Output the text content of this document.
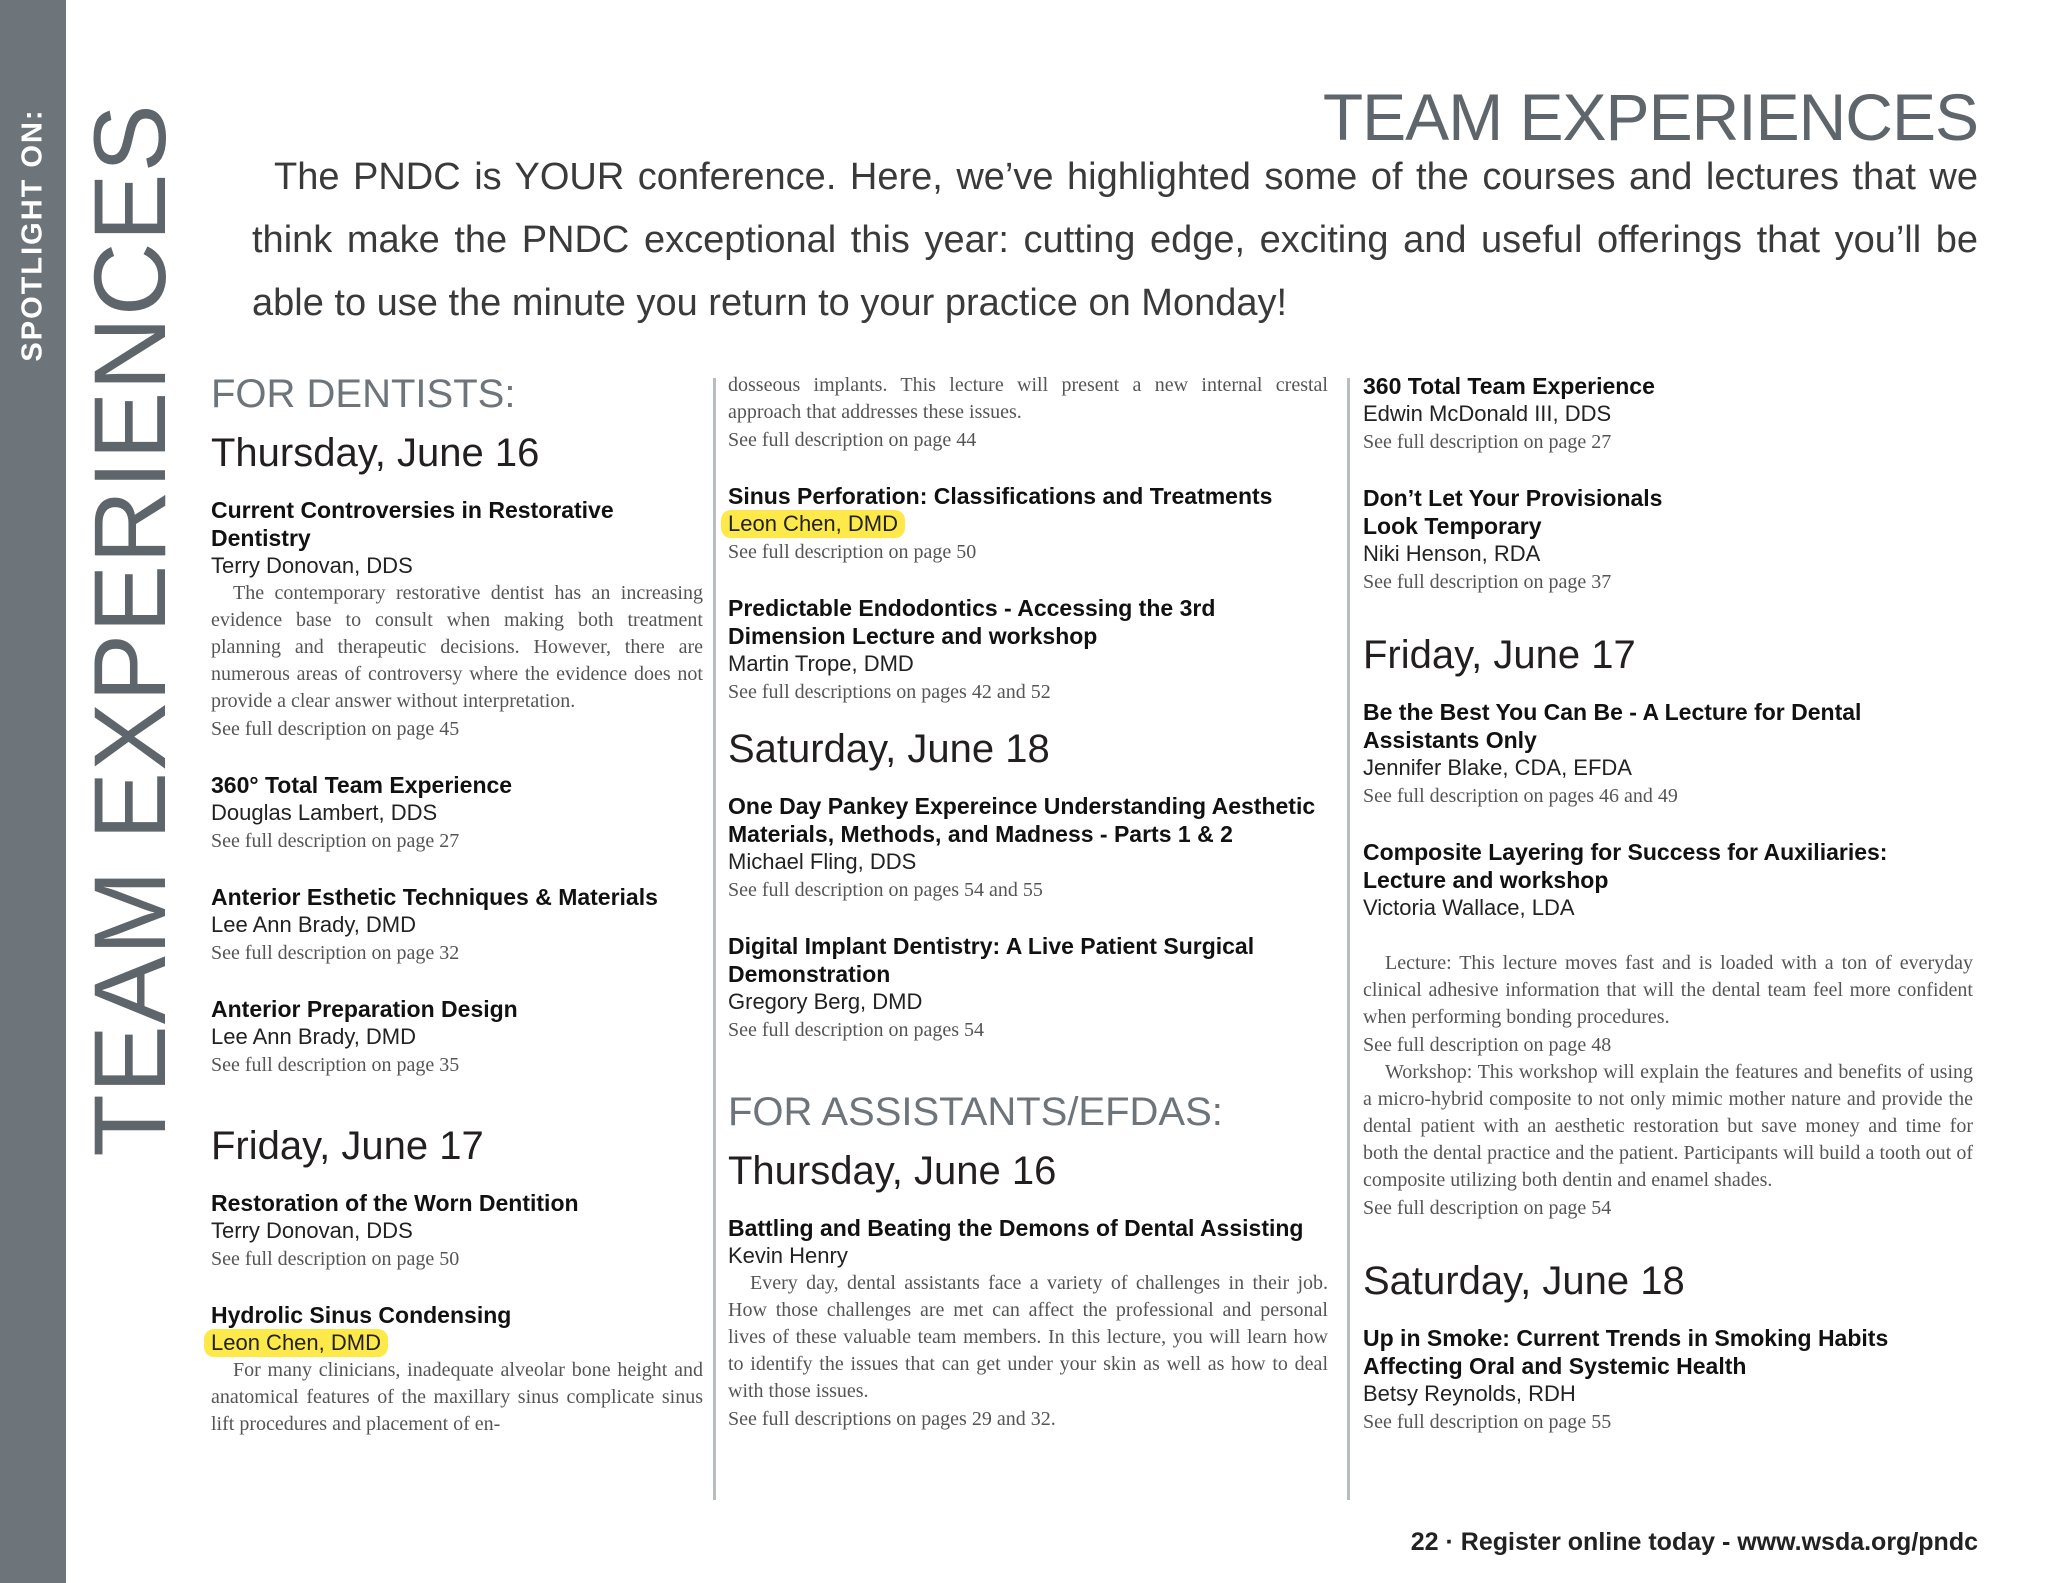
SPOTLIGHT ON: TEAM EXPERIENCES	TEAM EXPERIENCES
The PNDC is YOUR conference. Here, we’ve highlighted some of the courses and lectures that we think make the PNDC exceptional this year: cutting edge, exciting and useful offerings that you’ll be able to use the minute you return to your practice on Monday!
FOR DENTISTS:
Thursday, June 16
Current Controversies in Restorative Dentistry
Terry Donovan, DDS
The contemporary restorative dentist has an increasing evidence base to consult when making both treatment planning and therapeutic decisions. However, there are numerous areas of controversy where the evidence does not provide a clear answer without interpretation.
See full description on page 45
360° Total Team Experience
Douglas Lambert, DDS
See full description on page 27
Anterior Esthetic Techniques & Materials
Lee Ann Brady, DMD
See full description on page 32
Anterior Preparation Design
Lee Ann Brady, DMD
See full description on page 35
Friday, June 17
Restoration of the Worn Dentition
Terry Donovan, DDS
See full description on page 50
Hydrolic Sinus Condensing
Leon Chen, DMD
For many clinicians, inadequate alveolar bone height and anatomical features of the maxillary sinus complicate sinus lift procedures and placement of en-
dosseous implants. This lecture will present a new internal crestal approach that addresses these issues.
See full description on page 44
Sinus Perforation: Classifications and Treatments
Leon Chen, DMD
See full description on page 50
Predictable Endodontics - Accessing the 3rd Dimension Lecture and workshop
Martin Trope, DMD
See full descriptions on pages 42 and 52
Saturday, June 18
One Day Pankey Expereince Understanding Aesthetic Materials, Methods, and Madness - Parts 1 & 2
Michael Fling, DDS
See full description on pages 54 and 55
Digital Implant Dentistry: A Live Patient Surgical Demonstration
Gregory Berg, DMD
See full description on pages 54
FOR ASSISTANTS/EFDAS:
Thursday, June 16
Battling and Beating the Demons of Dental Assisting
Kevin Henry
Every day, dental assistants face a variety of challenges in their job. How those challenges are met can affect the professional and personal lives of these valuable team members. In this lecture, you will learn how to identify the issues that can get under your skin as well as how to deal with those issues.
See full descriptions on pages 29 and 32.
360 Total Team Experience
Edwin McDonald III, DDS
See full description on page 27
Don’t Let Your Provisionals Look Temporary
Niki Henson, RDA
See full description on page 37
Friday, June 17
Be the Best You Can Be - A Lecture for Dental Assistants Only
Jennifer Blake, CDA, EFDA
See full description on pages 46 and 49
Composite Layering for Success for Auxiliaries: Lecture and workshop
Victoria Wallace, LDA
Lecture: This lecture moves fast and is loaded with a ton of everyday clinical adhesive information that will the dental team feel more confident when performing bonding procedures.
See full description on page 48
Workshop: This workshop will explain the features and benefits of using a micro-hybrid composite to not only mimic mother nature and provide the dental patient with an aesthetic restoration but save money and time for both the dental practice and the patient. Participants will build a tooth out of composite utilizing both dentin and enamel shades.
See full description on page 54
Saturday, June 18
Up in Smoke: Current Trends in Smoking Habits Affecting Oral and Systemic Health
Betsy Reynolds, RDH
See full description on page 55
22 · Register online today - www.wsda.org/pndc
